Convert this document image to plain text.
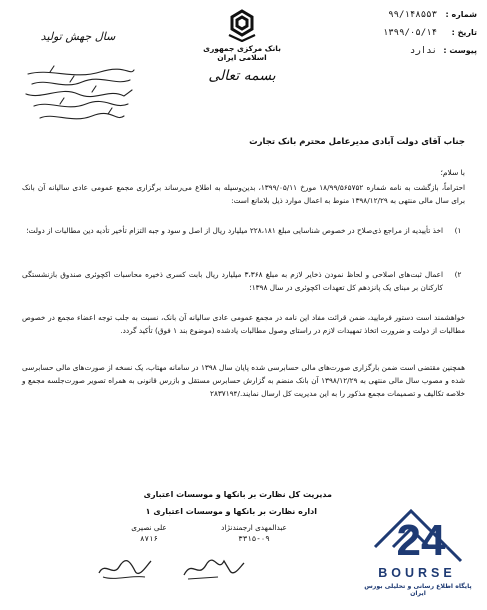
شماره :
۹۹/۱۴۸۵۵۳
تاریخ :
۱۳۹۹/۰۵/۱۴
پیوست :
ندارد
بانک مرکزی جمهوری اسلامی ایران
بسمه تعالی
سال جهش تولید
جناب آقای دولت آبادی مدیرعامل محترم بانک تجارت
با سلام؛
احتراماً، بازگشت به نامه شماره ۱۸/۹۹/۵۶۵۷۵۲ مورخ ۱۳۹۹/۰۵/۱۱، بدین‌وسیله به اطلاع می‌رساند برگزاری مجمع عمومی عادی سالیانه آن بانک برای سال مالی منتهی به ۱۳۹۸/۱۲/۲۹ منوط به اعمال موارد ذیل بلامانع است:
۱)
اخذ تأییدیه از مراجع ذی‌صلاح در خصوص شناسایی مبلغ ۲۲۸،۱۸۱ میلیارد ریال از اصل و سود و جبه التزام تأخیر تأدیه دین مطالبات از دولت؛
۲)
اعمال ثبت‌های اصلاحی و لحاظ نمودن ذخایر لازم به مبلغ ۳،۳۶۸ میلیارد ریال بابت کسری ذخیره محاسبات اکچوئری صندوق بازنشستگی کارکنان بر مبنای یک پانزدهم کل تعهدات اکچوئری در سال ۱۳۹۸؛
خواهشمند است دستور فرمایید، ضمن قرائت مفاد این نامه در مجمع عمومی عادی سالیانه آن بانک، نسبت به جلب توجه اعضاء مجمع در خصوص مطالبات از دولت و ضرورت اتخاذ تمهیدات لازم در راستای وصول مطالبات یادشده (موضوع بند ۱ فوق) تأکید گردد.
همچنین مقتضی است ضمن بارگزاری صورت‌های مالی حسابرسی شده پایان سال ۱۳۹۸ در سامانه مهتاب، یک نسخه از صورت‌های مالی حسابرسی شده و مصوب سال مالی منتهی به ۱۳۹۸/۱۲/۲۹ آن بانک منضم به گزارش حسابرس مستقل و بازرس قانونی به همراه تصویر صورت‌جلسه مجمع و خلاصه تکالیف و تصمیمات مجمع مذکور را به این مدیریت کل ارسال نمایند./۲۸۳۷۱۹۴
مدیریت کل نظارت بر بانکها و موسسات اعتباری
اداره نظارت بر بانکها و موسسات اعتباری ۱
عبدالمهدی ارجمندنژاد
۳۳۱۵-۰۹
علی نصیری
۸۷۱۶	24
BOURSE
پایگاه اطلاع رسانی و تحلیلی بورس ایران
